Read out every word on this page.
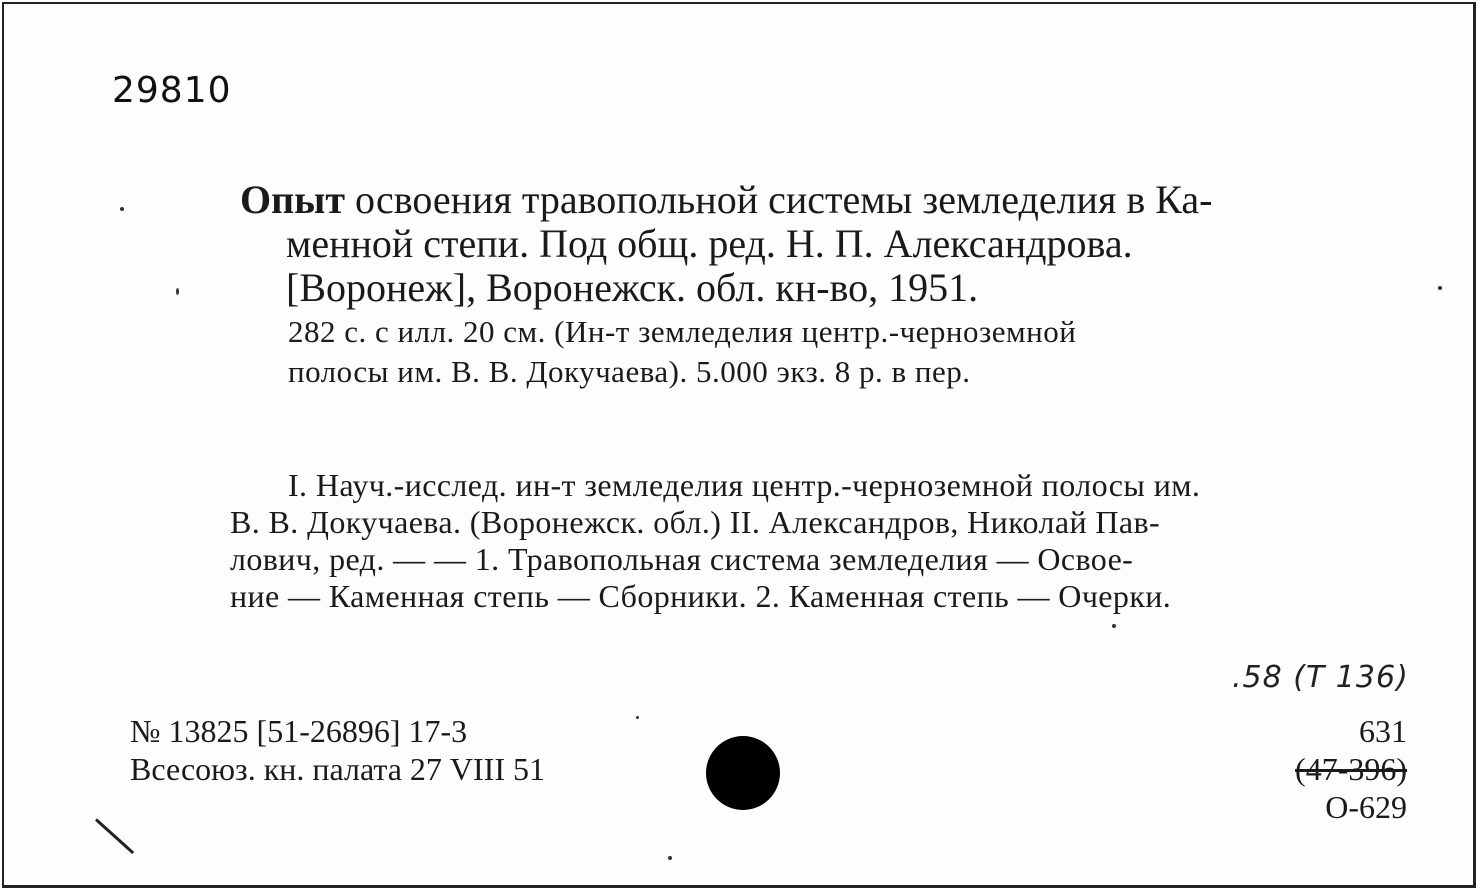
29810
Опыт освоения травопольной системы земледелия в Ка-
менной степи. Под общ. ред. Н. П. Александрова.
[Воронеж], Воронежск. обл. кн-во, 1951.
282 с. с илл. 20 см. (Ин-т земледелия центр.-черноземной
полосы им. В. В. Докучаева). 5.000 экз. 8 р. в пер.
I. Науч.-исслед. ин-т земледелия центр.-черноземной полосы им.
В. В. Докучаева. (Воронежск. обл.) II. Александров, Николай Пав-
лович, ред. — — 1. Травопольная система земледелия — Освое-
ние — Каменная степь — Сборники. 2. Каменная степь — Очерки.
№ 13825 [51-26896] 17-3
Всесоюз. кн. палата 27 VIII 51
.58 (Т 136)
631
(47-396)
О-629
